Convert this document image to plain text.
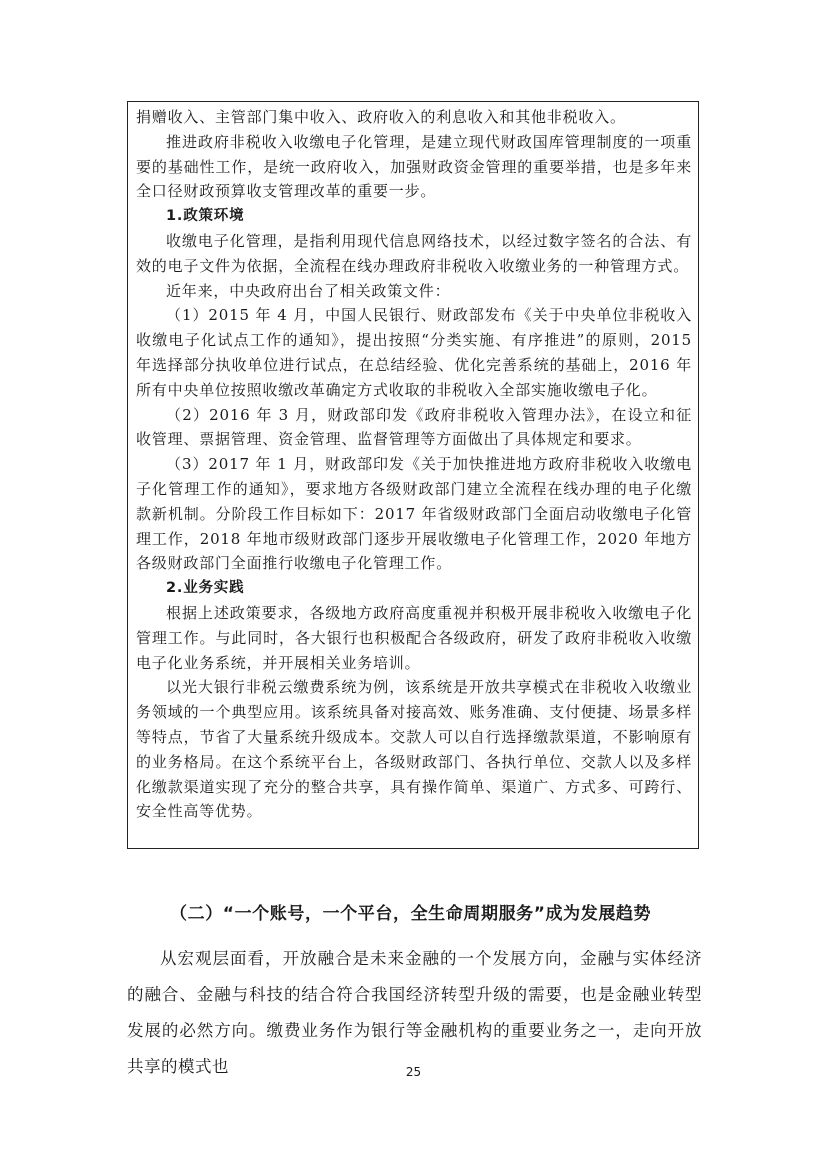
捐赠收入、主管部门集中收入、政府收入的利息收入和其他非税收入。

推进政府非税收入收缴电子化管理，是建立现代财政国库管理制度的一项重要的基础性工作，是统一政府收入，加强财政资金管理的重要举措，也是多年来全口径财政预算收支管理改革的重要一步。

1.政策环境

收缴电子化管理，是指利用现代信息网络技术，以经过数字签名的合法、有效的电子文件为依据，全流程在线办理政府非税收入收缴业务的一种管理方式。

近年来，中央政府出台了相关政策文件：

（1）2015 年 4 月，中国人民银行、财政部发布《关于中央单位非税收入收缴电子化试点工作的通知》，提出按照“分类实施、有序推进”的原则，2015 年选择部分执收单位进行试点，在总结经验、优化完善系统的基础上，2016 年所有中央单位按照收缴改革确定方式收取的非税收入全部实施收缴电子化。

（2）2016 年 3 月，财政部印发《政府非税收入管理办法》，在设立和征收管理、票据管理、资金管理、监督管理等方面做出了具体规定和要求。

（3）2017 年 1 月，财政部印发《关于加快推进地方政府非税收入收缴电子化管理工作的通知》，要求地方各级财政部门建立全流程在线办理的电子化缴款新机制。分阶段工作目标如下：2017 年省级财政部门全面启动收缴电子化管理工作，2018 年地市级财政部门逐步开展收缴电子化管理工作，2020 年地方各级财政部门全面推行收缴电子化管理工作。

2.业务实践

根据上述政策要求，各级地方政府高度重视并积极开展非税收入收缴电子化管理工作。与此同时，各大银行也积极配合各级政府，研发了政府非税收入收缴电子化业务系统，并开展相关业务培训。

以光大银行非税云缴费系统为例，该系统是开放共享模式在非税收入收缴业务领域的一个典型应用。该系统具备对接高效、账务准确、支付便捷、场景多样等特点，节省了大量系统升级成本。交款人可以自行选择缴款渠道，不影响原有的业务格局。在这个系统平台上，各级财政部门、各执行单位、交款人以及多样化缴款渠道实现了充分的整合共享，具有操作简单、渠道广、方式多、可跨行、安全性高等优势。

（二）“一个账号，一个平台，全生命周期服务”成为发展趋势

从宏观层面看，开放融合是未来金融的一个发展方向，金融与实体经济的融合、金融与科技的结合符合我国经济转型升级的需要，也是金融业转型发展的必然方向。缴费业务作为银行等金融机构的重要业务之一，走向开放共享的模式也	25
